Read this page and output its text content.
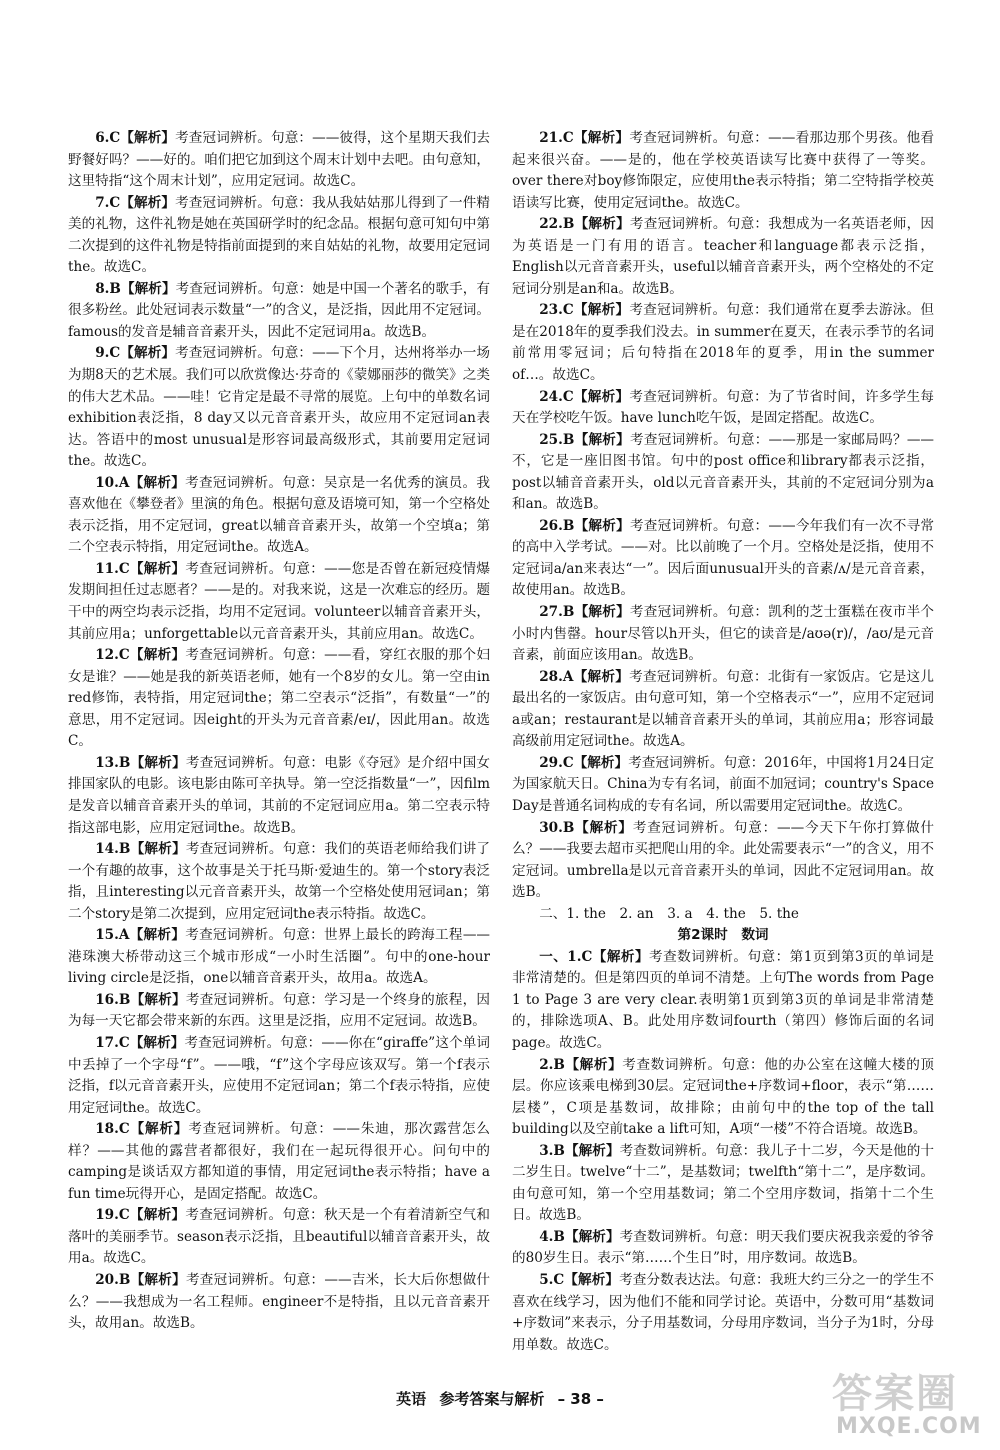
6.C【解析】考查冠词辨析。句意：——彼得，这个星期天我们去野餐好吗？——好的。咱们把它加到这个周末计划中去吧。由句意知，这里特指“这个周末计划”，应用定冠词。故选C。

7.C【解析】考查冠词辨析。句意：我从我姑姑那儿得到了一件精美的礼物，这件礼物是她在英国研学时的纪念品。根据句意可知句中第二次提到的这件礼物是特指前面提到的来自姑姑的礼物，故要用定冠词the。故选C。

8.B【解析】考查冠词辨析。句意：她是中国一个著名的歌手，有很多粉丝。此处冠词表示数量“一”的含义，是泛指，因此用不定冠词。famous的发音是辅音音素开头，因此不定冠词用a。故选B。

9.C【解析】考查冠词辨析。句意：——下个月，达州将举办一场为期8天的艺术展。我们可以欣赏像达·芬奇的《蒙娜丽莎的微笑》之类的伟大艺术品。——哇！它肯定是最不寻常的展览。上句中的单数名词exhibition表泛指，8 day又以元音音素开头，故应用不定冠词an表达。答语中的most unusual是形容词最高级形式，其前要用定冠词the。故选C。

10.A【解析】考查冠词辨析。句意：吴京是一名优秀的演员。我喜欢他在《攀登者》里演的角色。根据句意及语境可知，第一个空格处表示泛指，用不定冠词，great以辅音音素开头，故第一个空填a；第二个空表示特指，用定冠词the。故选A。

11.C【解析】考查冠词辨析。句意：——您是否曾在新冠疫情爆发期间担任过志愿者？——是的。对我来说，这是一次难忘的经历。题干中的两空均表示泛指，均用不定冠词。volunteer以辅音音素开头，其前应用a；unforgettable以元音音素开头，其前应用an。故选C。

12.C【解析】考查冠词辨析。句意：——看，穿红衣服的那个妇女是谁？——她是我的新英语老师，她有一个8岁的女儿。第一空由in red修饰，表特指，用定冠词the；第二空表示“泛指”，有数量“一”的意思，用不定冠词。因eight的开头为元音音素/eɪ/，因此用an。故选C。

13.B【解析】考查冠词辨析。句意：电影《夺冠》是介绍中国女排国家队的电影。该电影由陈可辛执导。第一空泛指数量“一”，因film是发音以辅音音素开头的单词，其前的不定冠词应用a。第二空表示特指这部电影，应用定冠词the。故选B。

14.B【解析】考查冠词辨析。句意：我们的英语老师给我们讲了一个有趣的故事，这个故事是关于托马斯·爱迪生的。第一个story表泛指，且interesting以元音音素开头，故第一个空格处使用冠词an；第二个story是第二次提到，应用定冠词the表示特指。故选C。

15.A【解析】考查冠词辨析。句意：世界上最长的跨海工程——港珠澳大桥带动这三个城市形成“一小时生活圈”。句中的one-hour living circle是泛指，one以辅音音素开头，故用a。故选A。

16.B【解析】考查冠词辨析。句意：学习是一个终身的旅程，因为每一天它都会带来新的东西。这里是泛指，应用不定冠词。故选B。

17.C【解析】考查冠词辨析。句意：——你在“giraffe”这个单词中丢掉了一个字母“f”。——哦，“f”这个字母应该双写。第一个f表示泛指，f以元音音素开头，应使用不定冠词an；第二个f表示特指，应使用定冠词the。故选C。

18.C【解析】考查冠词辨析。句意：——朱迪，那次露营怎么样？——其他的露营者都很好，我们在一起玩得很开心。问句中的camping是谈话双方都知道的事情，用定冠词the表示特指；have a fun time玩得开心，是固定搭配。故选C。

19.C【解析】考查冠词辨析。句意：秋天是一个有着清新空气和落叶的美丽季节。season表示泛指，且beautiful以辅音音素开头，故用a。故选C。

20.B【解析】考查冠词辨析。句意：——吉米，长大后你想做什么？——我想成为一名工程师。engineer不是特指，且以元音音素开头，故用an。故选B。

21.C【解析】考查冠词辨析。句意：——看那边那个男孩。他看起来很兴奋。——是的，他在学校英语读写比赛中获得了一等奖。over there对boy修饰限定，应使用the表示特指；第二空特指学校英语读写比赛，使用定冠词the。故选C。

22.B【解析】考查冠词辨析。句意：我想成为一名英语老师，因为英语是一门有用的语言。teacher和language都表示泛指，English以元音音素开头，useful以辅音音素开头，两个空格处的不定冠词分别是an和a。故选B。

23.C【解析】考查冠词辨析。句意：我们通常在夏季去游泳。但是在2018年的夏季我们没去。in summer在夏天，在表示季节的名词前常用零冠词；后句特指在2018年的夏季，用in the summer of…。故选C。

24.C【解析】考查冠词辨析。句意：为了节省时间，许多学生每天在学校吃午饭。have lunch吃午饭，是固定搭配。故选C。

25.B【解析】考查冠词辨析。句意：——那是一家邮局吗？——不，它是一座旧图书馆。句中的post office和library都表示泛指，post以辅音音素开头，old以元音音素开头，其前的不定冠词分别为a和an。故选B。

26.B【解析】考查冠词辨析。句意：——今年我们有一次不寻常的高中入学考试。——对。比以前晚了一个月。空格处是泛指，使用不定冠词a/an来表达“一”。因后面unusual开头的音素/ʌ/是元音音素，故使用an。故选B。

27.B【解析】考查冠词辨析。句意：凯利的芝士蛋糕在夜市半个小时内售罄。hour尽管以h开头，但它的读音是/aʊə(r)/，/aʊ/是元音音素，前面应该用an。故选B。

28.A【解析】考查冠词辨析。句意：北街有一家饭店。它是这儿最出名的一家饭店。由句意可知，第一个空格表示“一”，应用不定冠词a或an；restaurant是以辅音音素开头的单词，其前应用a；形容词最高级前用定冠词the。故选A。

29.C【解析】考查冠词辨析。句意：2016年，中国将1月24日定为国家航天日。China为专有名词，前面不加冠词；country's Space Day是普通名词构成的专有名词，所以需要用定冠词the。故选C。

30.B【解析】考查冠词辨析。句意：——今天下午你打算做什么？——我要去超市买把爬山用的伞。此处需要表示“一”的含义，用不定冠词。umbrella是以元音音素开头的单词，因此不定冠词用an。故选B。

二、1. the　2. an　3. a　4. the　5. the

第2课时　数词

一、1.C【解析】考查数词辨析。句意：第1页到第3页的单词是非常清楚的。但是第四页的单词不清楚。上句The words from Page 1 to Page 3 are very clear.表明第1页到第3页的单词是非常清楚的，排除选项A、B。此处用序数词fourth（第四）修饰后面的名词page。故选C。

2.B【解析】考查数词辨析。句意：他的办公室在这幢大楼的顶层。你应该乘电梯到30层。定冠词the+序数词+floor，表示“第……层楼”，C项是基数词，故排除；由前句中的the top of the tall building以及空前take a lift可知，A项“一楼”不符合语境。故选B。

3.B【解析】考查数词辨析。句意：我儿子十二岁，今天是他的十二岁生日。twelve“十二”，是基数词；twelfth“第十二”，是序数词。由句意可知，第一个空用基数词；第二个空用序数词，指第十二个生日。故选B。

4.B【解析】考查数词辨析。句意：明天我们要庆祝我亲爱的爷爷的80岁生日。表示“第……个生日”时，用序数词。故选B。

5.C【解析】考查分数表达法。句意：我班大约三分之一的学生不喜欢在线学习，因为他们不能和同学讨论。英语中，分数可用“基数词+序数词”来表示，分子用基数词，分母用序数词，当分子为1时，分母用单数。故选C。

英语 参考答案与解析 – 38 –	答案圈
MXQE.COM
